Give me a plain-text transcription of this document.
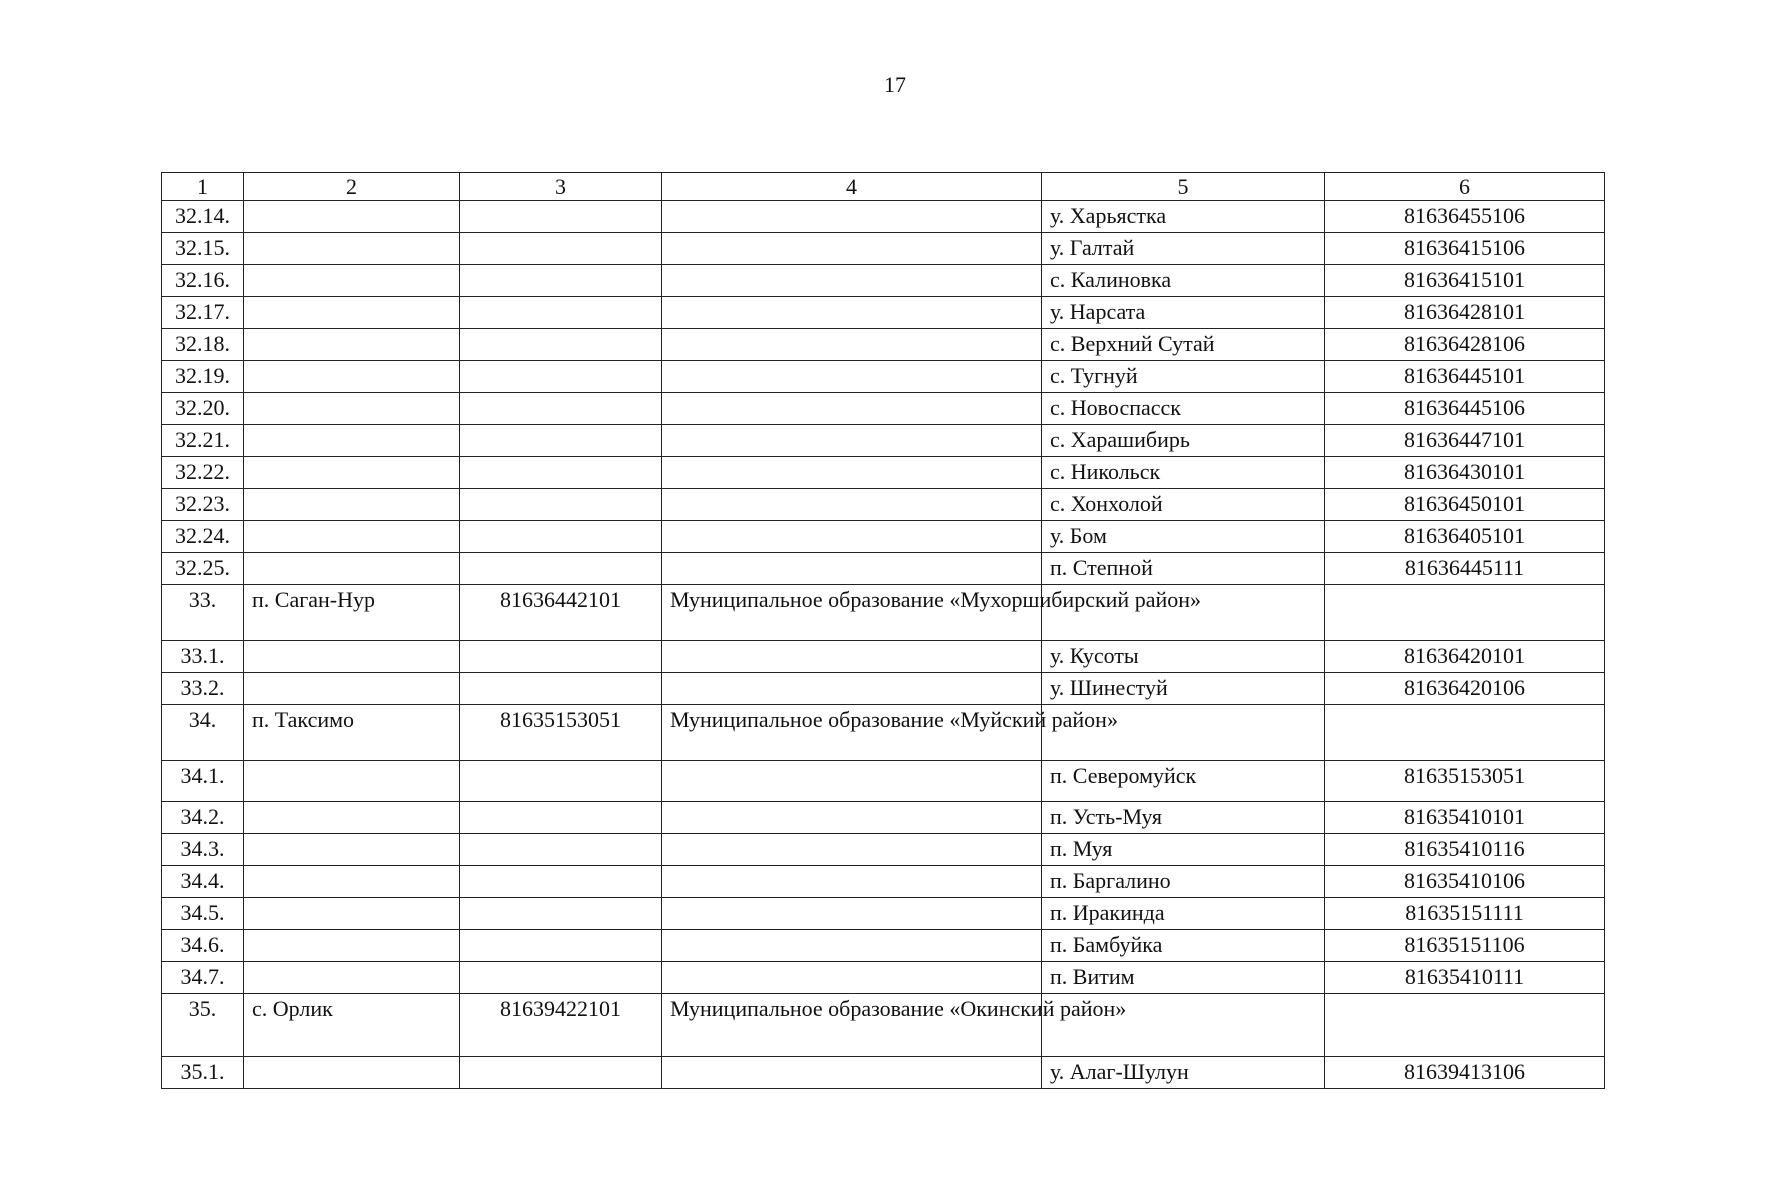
17
1	2	3	4	5	6
32.14.				у. Харьястка	81636455106
32.15.				у. Галтай	81636415106
32.16.				с. Калиновка	81636415101
32.17.				у. Нарсата	81636428101
32.18.				с. Верхний Сутай	81636428106
32.19.				с. Тугнуй	81636445101
32.20.				с. Новоспасск	81636445106
32.21.				с. Харашибирь	81636447101
32.22.				с. Никольск	81636430101
32.23.				с. Хонхолой	81636450101
32.24.				у. Бом	81636405101
32.25.				п. Степной	81636445111
33.	п. Саган-Нур	81636442101	Муниципальное образование «Мухоршибирский район»		
33.1.				у. Кусоты	81636420101
33.2.				у. Шинестуй	81636420106
34.	п. Таксимо	81635153051	Муниципальное образование «Муйский район»		
34.1.				п. Северомуйск	81635153051
34.2.				п. Усть-Муя	81635410101
34.3.				п. Муя	81635410116
34.4.				п. Баргалино	81635410106
34.5.				п. Иракинда	81635151111
34.6.				п. Бамбуйка	81635151106
34.7.				п. Витим	81635410111
35.	с. Орлик	81639422101	Муниципальное образование «Окинский район»		
35.1.				у. Алаг-Шулун	81639413106
